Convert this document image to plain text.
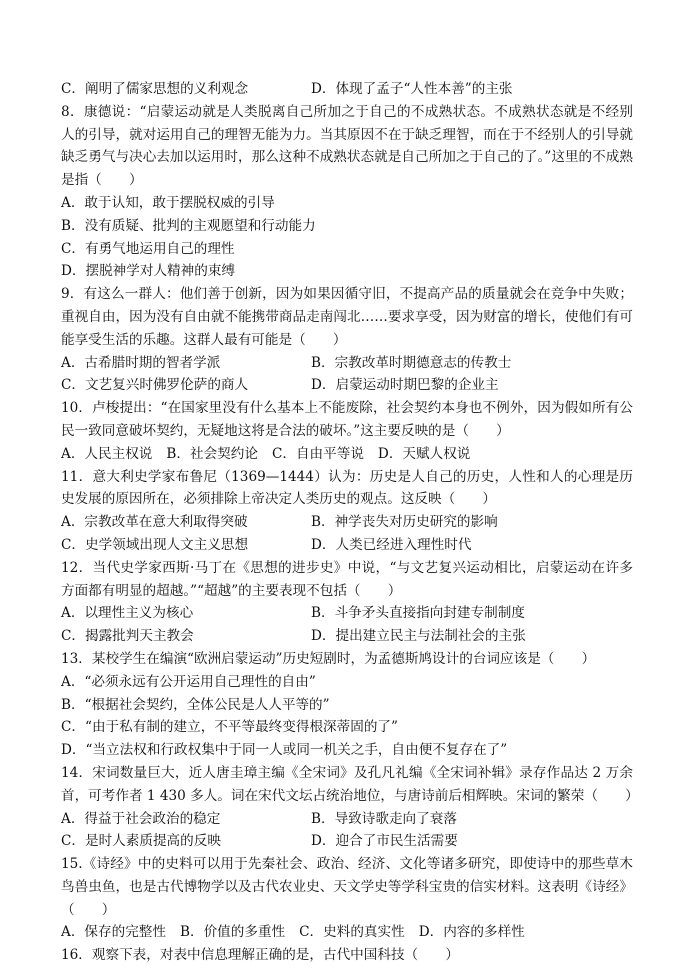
C．阐明了儒家思想的义利观念	D．体现了孟子“人性本善”的主张
8．康德说：“启蒙运动就是人类脱离自己所加之于自己的不成熟状态。不成熟状态就是不经别人的引导，就对运用自己的理智无能为力。当其原因不在于缺乏理智，而在于不经别人的引导就缺乏勇气与决心去加以运用时，那么这种不成熟状态就是自己所加之于自己的了。”这里的不成熟是指（　　）
A．敢于认知，敢于摆脱权威的引导
B．没有质疑、批判的主观愿望和行动能力
C．有勇气地运用自己的理性
D．摆脱神学对人精神的束缚
9．有这么一群人：他们善于创新，因为如果因循守旧，不提高产品的质量就会在竞争中失败；重视自由，因为没有自由就不能携带商品走南闯北……要求享受，因为财富的增长，使他们有可能享受生活的乐趣。这群人最有可能是（　　）
A．古希腊时期的智者学派	B．宗教改革时期德意志的传教士
C．文艺复兴时佛罗伦萨的商人	D．启蒙运动时期巴黎的企业主
10．卢梭提出：“在国家里没有什么基本上不能废除，社会契约本身也不例外，因为假如所有公民一致同意破坏契约，无疑地这将是合法的破坏。”这主要反映的是（　　）
A．人民主权说 B．社会契约论 C．自由平等说 D．天赋人权说
11．意大利史学家布鲁尼（1369—1444）认为：历史是人自己的历史，人性和人的心理是历史发展的原因所在，必须排除上帝决定人类历史的观点。这反映（　　）
A．宗教改革在意大利取得突破	B．神学丧失对历史研究的影响
C．史学领域出现人文主义思想	D．人类已经进入理性时代
12．当代史学家西斯·马丁在《思想的进步史》中说，“与文艺复兴运动相比，启蒙运动在许多方面都有明显的超越。”“超越”的主要表现不包括（　　）
A．以理性主义为核心	B．斗争矛头直接指向封建专制制度
C．揭露批判天主教会	D．提出建立民主与法制社会的主张
13．某校学生在编演“欧洲启蒙运动”历史短剧时，为孟德斯鸠设计的台词应该是（　　）
A．“必须永远有公开运用自己理性的自由”
B．“根据社会契约，全体公民是人人平等的”
C．“由于私有制的建立，不平等最终变得根深蒂固的了”
D．“当立法权和行政权集中于同一人或同一机关之手，自由便不复存在了”
14．宋词数量巨大，近人唐圭璋主编《全宋词》及孔凡礼编《全宋词补辑》录存作品达 2 万余首，可考作者 1 430 多人。词在宋代文坛占统治地位，与唐诗前后相辉映。宋词的繁荣（　　）
A．得益于社会政治的稳定	B．导致诗歌走向了衰落
C．是时人素质提高的反映	D．迎合了市民生活需要
15.《诗经》中的史料可以用于先秦社会、政治、经济、文化等诸多研究，即使诗中的那些草木鸟兽虫鱼，也是古代博物学以及古代农业史、天文学史等学科宝贵的信实材料。这表明《诗经》（　　）
A．保存的完整性 B．价值的多重性 C．史料的真实性 D．内容的多样性
16．观察下表，对表中信息理解正确的是，古代中国科技（　　）
